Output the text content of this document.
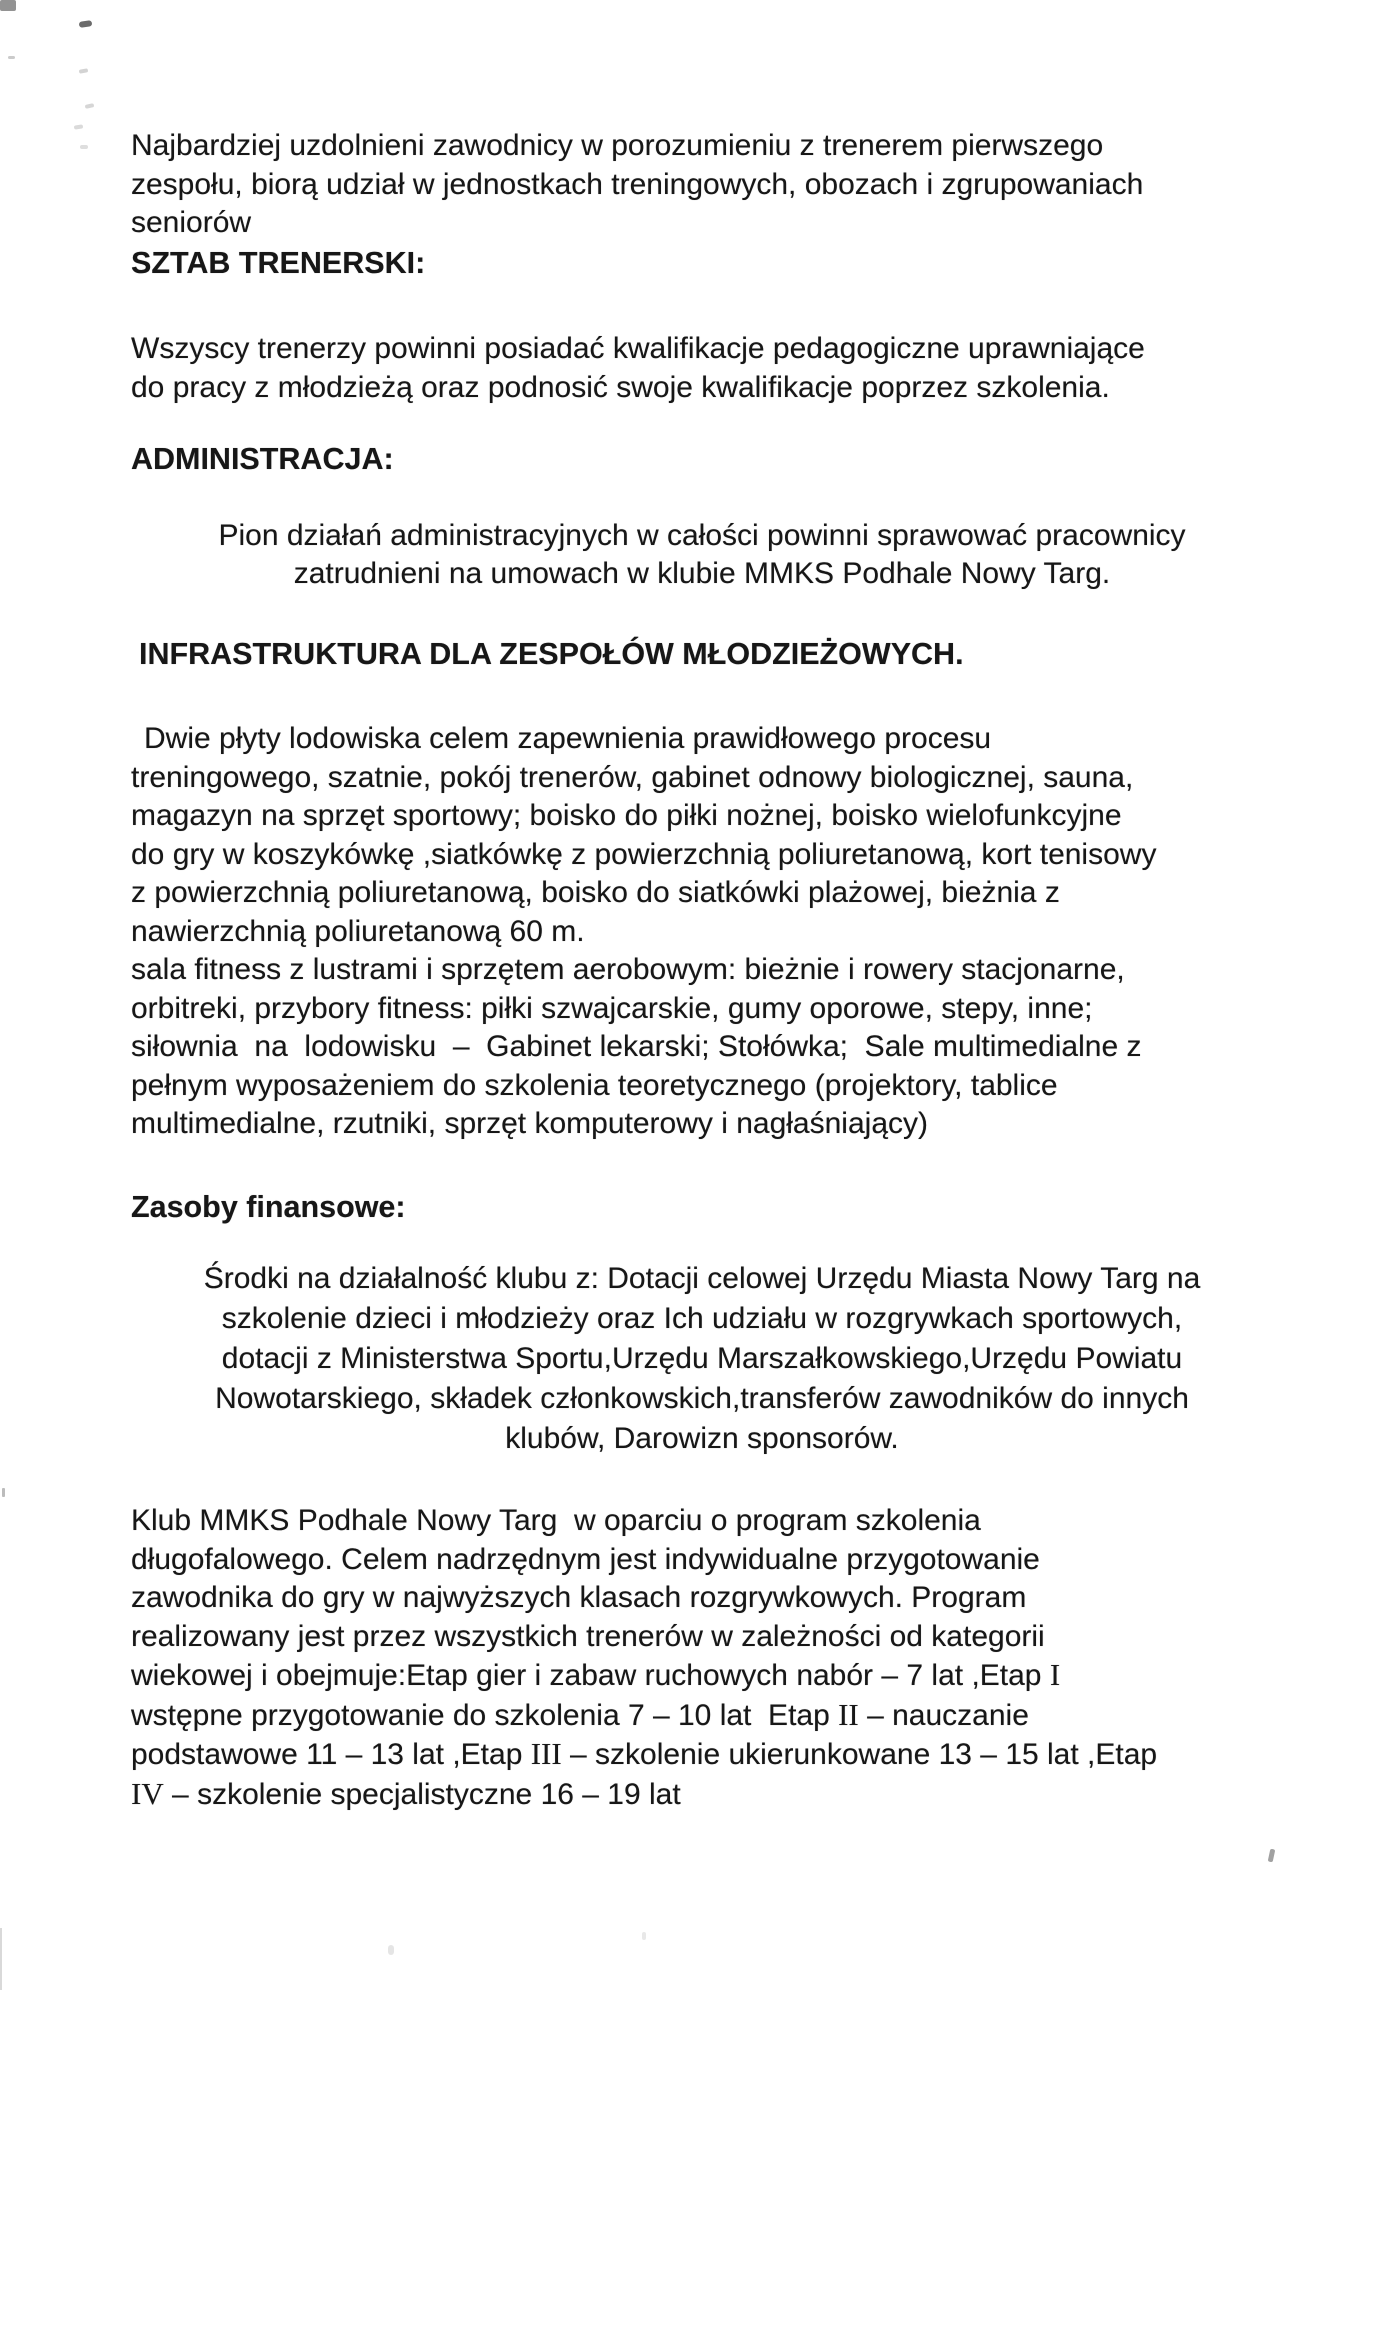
Najbardziej uzdolnieni zawodnicy w porozumieniu z trenerem pierwszego
zespołu, biorą udział w jednostkach treningowych, obozach i zgrupowaniach
seniorów
SZTAB TRENERSKI:
Wszyscy trenerzy powinni posiadać kwalifikacje pedagogiczne uprawniające
do pracy z młodzieżą oraz podnosić swoje kwalifikacje poprzez szkolenia.
ADMINISTRACJA:
Pion działań administracyjnych w całości powinni sprawować pracownicy
zatrudnieni na umowach w klubie MMKS Podhale Nowy Targ.
INFRASTRUKTURA DLA ZESPOŁÓW MŁODZIEŻOWYCH.
Dwie płyty lodowiska celem zapewnienia prawidłowego procesu
treningowego, szatnie, pokój trenerów, gabinet odnowy biologicznej, sauna,
magazyn na sprzęt sportowy; boisko do piłki nożnej, boisko wielofunkcyjne
do gry w koszykówkę ,siatkówkę z powierzchnią poliuretanową, kort tenisowy
z powierzchnią poliuretanową, boisko do siatkówki plażowej, bieżnia z
nawierzchnią poliuretanową 60 m.
sala fitness z lustrami i sprzętem aerobowym: bieżnie i rowery stacjonarne,
orbitreki, przybory fitness: piłki szwajcarskie, gumy oporowe, stepy, inne;
siłownia  na  lodowisku  –  Gabinet lekarski; Stołówka;  Sale multimedialne z
pełnym wyposażeniem do szkolenia teoretycznego (projektory, tablice
multimedialne, rzutniki, sprzęt komputerowy i nagłaśniający)
Zasoby finansowe:
Środki na działalność klubu z: Dotacji celowej Urzędu Miasta Nowy Targ na
szkolenie dzieci i młodzieży oraz Ich udziału w rozgrywkach sportowych,
dotacji z Ministerstwa Sportu,Urzędu Marszałkowskiego,Urzędu Powiatu
Nowotarskiego, składek członkowskich,transferów zawodników do innych
klubów, Darowizn sponsorów.
Klub MMKS Podhale Nowy Targ  w oparciu o program szkolenia
długofalowego. Celem nadrzędnym jest indywidualne przygotowanie
zawodnika do gry w najwyższych klasach rozgrywkowych. Program
realizowany jest przez wszystkich trenerów w zależności od kategorii
wiekowej i obejmuje:Etap gier i zabaw ruchowych nabór – 7 lat ,Etap I
wstępne przygotowanie do szkolenia 7 – 10 lat  Etap II – nauczanie
podstawowe 11 – 13 lat ,Etap III – szkolenie ukierunkowane 13 – 15 lat ,Etap
IV – szkolenie specjalistyczne 16 – 19 lat
